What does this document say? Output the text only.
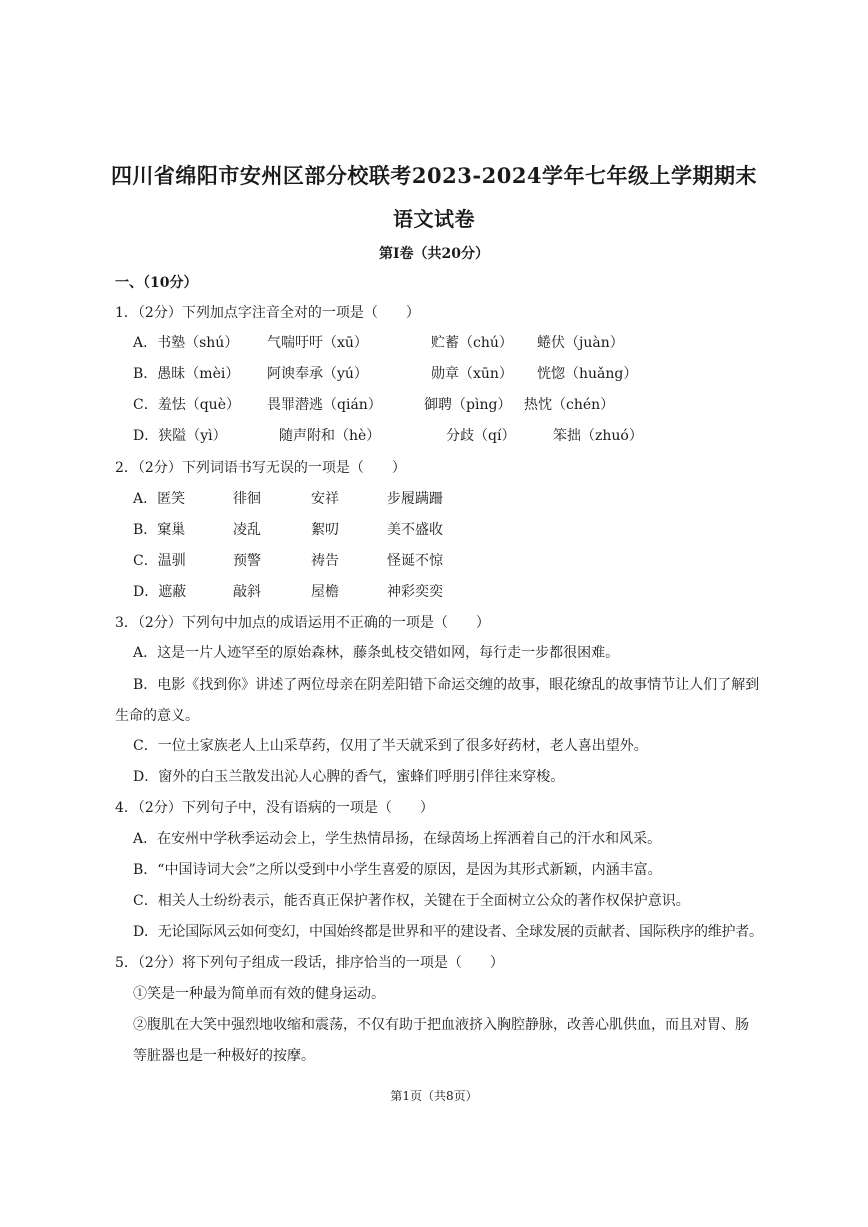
四川省绵阳市安州区部分校联考2023-2024学年七年级上学期期末
语文试卷
第Ⅰ卷（共20分）
一、（10分）
1．（2分）下列加点字注音全对的一项是（　　）
A．书塾（shú） 气喘吁吁（xū）	贮蓄（chú） 蜷伏（juàn）
B．愚昧（mèi） 阿谀奉承（yú）	勋章（xūn） 恍惚（huǎng）
C．羞怯（què） 畏罪潜逃（qián）	御聘（pìng） 热忱（chén）
D．狭隘（yì）	随声附和（hè）	分歧（qí）	笨拙（zhuó）
2．（2分）下列词语书写无误的一项是（　　）
A．匿笑	徘徊	安祥	步履蹒跚
B．窠巢	凌乱	絮叨	美不盛收
C．温驯	预警	祷告	怪诞不惊
D．遮蔽	敲斜	屋檐	神彩奕奕
3．（2分）下列句中加点的成语运用不正确的一项是（　　）
A．这是一片人迹罕至的原始森林，藤条虬枝交错如网，每行走一步都很困难。
B．电影《找到你》讲述了两位母亲在阴差阳错下命运交缠的故事，眼花缭乱的故事情节让人们了解到
生命的意义。
C．一位土家族老人上山采草药，仅用了半天就采到了很多好药材，老人喜出望外。
D．窗外的白玉兰散发出沁人心脾的香气，蜜蜂们呼朋引伴往来穿梭。
4．（2分）下列句子中，没有语病的一项是（　　）
A．在安州中学秋季运动会上，学生热情昂扬，在绿茵场上挥洒着自己的汗水和风采。
B．“中国诗词大会”之所以受到中小学生喜爱的原因，是因为其形式新颖，内涵丰富。
C．相关人士纷纷表示，能否真正保护著作权，关键在于全面树立公众的著作权保护意识。
D．无论国际风云如何变幻，中国始终都是世界和平的建设者、全球发展的贡献者、国际秩序的维护者。
5．（2分）将下列句子组成一段话，排序恰当的一项是（　　）
①笑是一种最为简单而有效的健身运动。
②腹肌在大笑中强烈地收缩和震荡，不仅有助于把血液挤入胸腔静脉，改善心肌供血，而且对胃、肠
等脏器也是一种极好的按摩。
第1页（共8页）
